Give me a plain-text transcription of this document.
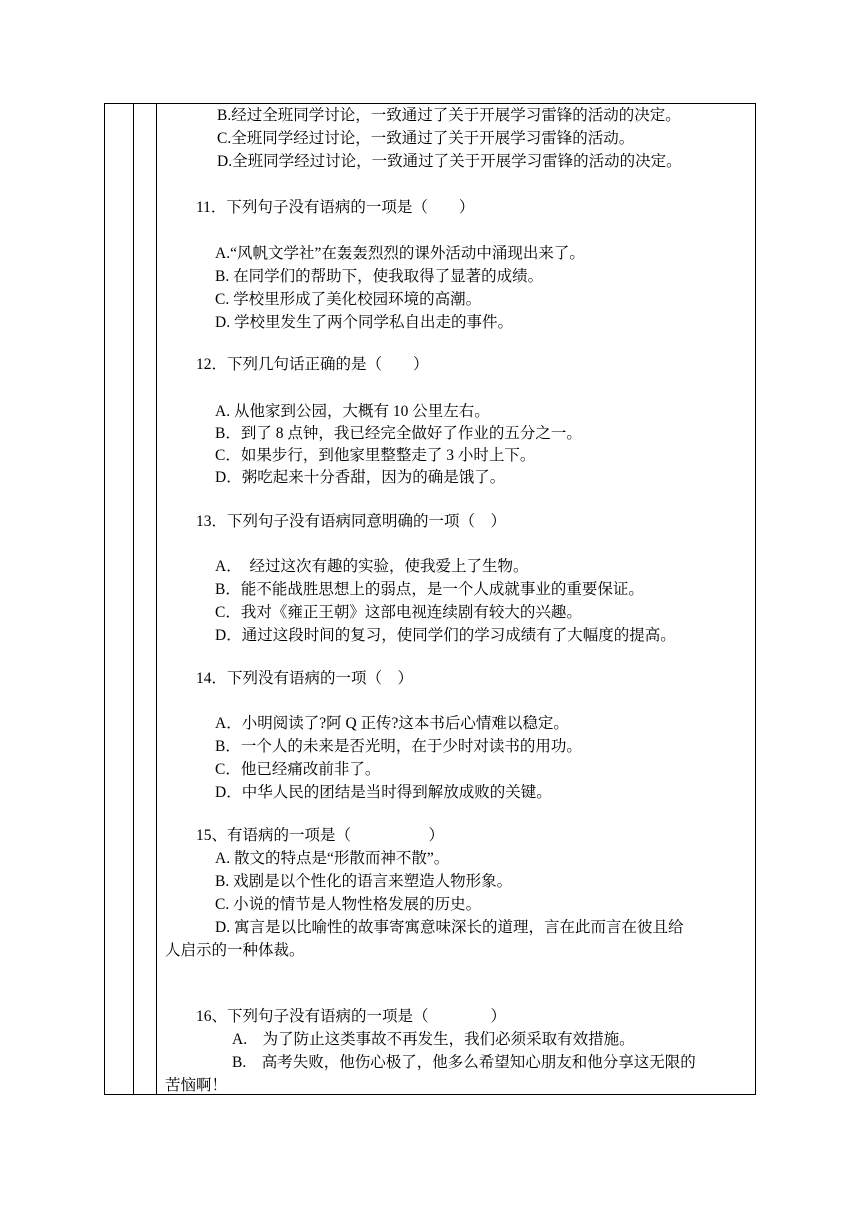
B.经过全班同学讨论，一致通过了关于开展学习雷锋的活动的决定。
C.全班同学经过讨论，一致通过了关于开展学习雷锋的活动。
D.全班同学经过讨论，一致通过了关于开展学习雷锋的活动的决定。
11．下列句子没有语病的一项是（　　）
A.“风帆文学社”在轰轰烈烈的课外活动中涌现出来了。
B. 在同学们的帮助下，使我取得了显著的成绩。
C. 学校里形成了美化校园环境的高潮。
D. 学校里发生了两个同学私自出走的事件。
12．下列几句话正确的是（　　）
A. 从他家到公园，大概有 10 公里左右。
B．到了 8 点钟，我已经完全做好了作业的五分之一。
C．如果步行，到他家里整整走了 3 小时上下。
D．粥吃起来十分香甜，因为的确是饿了。
13．下列句子没有语病同意明确的一项（　）
A．　经过这次有趣的实验，使我爱上了生物。
B．能不能战胜思想上的弱点，是一个人成就事业的重要保证。
C．我对《雍正王朝》这部电视连续剧有较大的兴趣。
D．通过这段时间的复习，使同学们的学习成绩有了大幅度的提高。
14．下列没有语病的一项（　）
A．小明阅读了?阿 Q 正传?这本书后心情难以稳定。
B．一个人的未来是否光明，在于少时对读书的用功。
C．他已经痛改前非了。
D．中华人民的团结是当时得到解放成败的关键。
15、有语病的一项是（　　　　　）
A. 散文的特点是“形散而神不散”。
B. 戏剧是以个性化的语言来塑造人物形象。
C. 小说的情节是人物性格发展的历史。
D. 寓言是以比喻性的故事寄寓意味深长的道理，言在此而言在彼且给
人启示的一种体裁。
16、下列句子没有语病的一项是（　　　　）
A.　为了防止这类事故不再发生，我们必须采取有效措施。
B.　高考失败，他伤心极了，他多么希望知心朋友和他分享这无限的
苦恼啊！
